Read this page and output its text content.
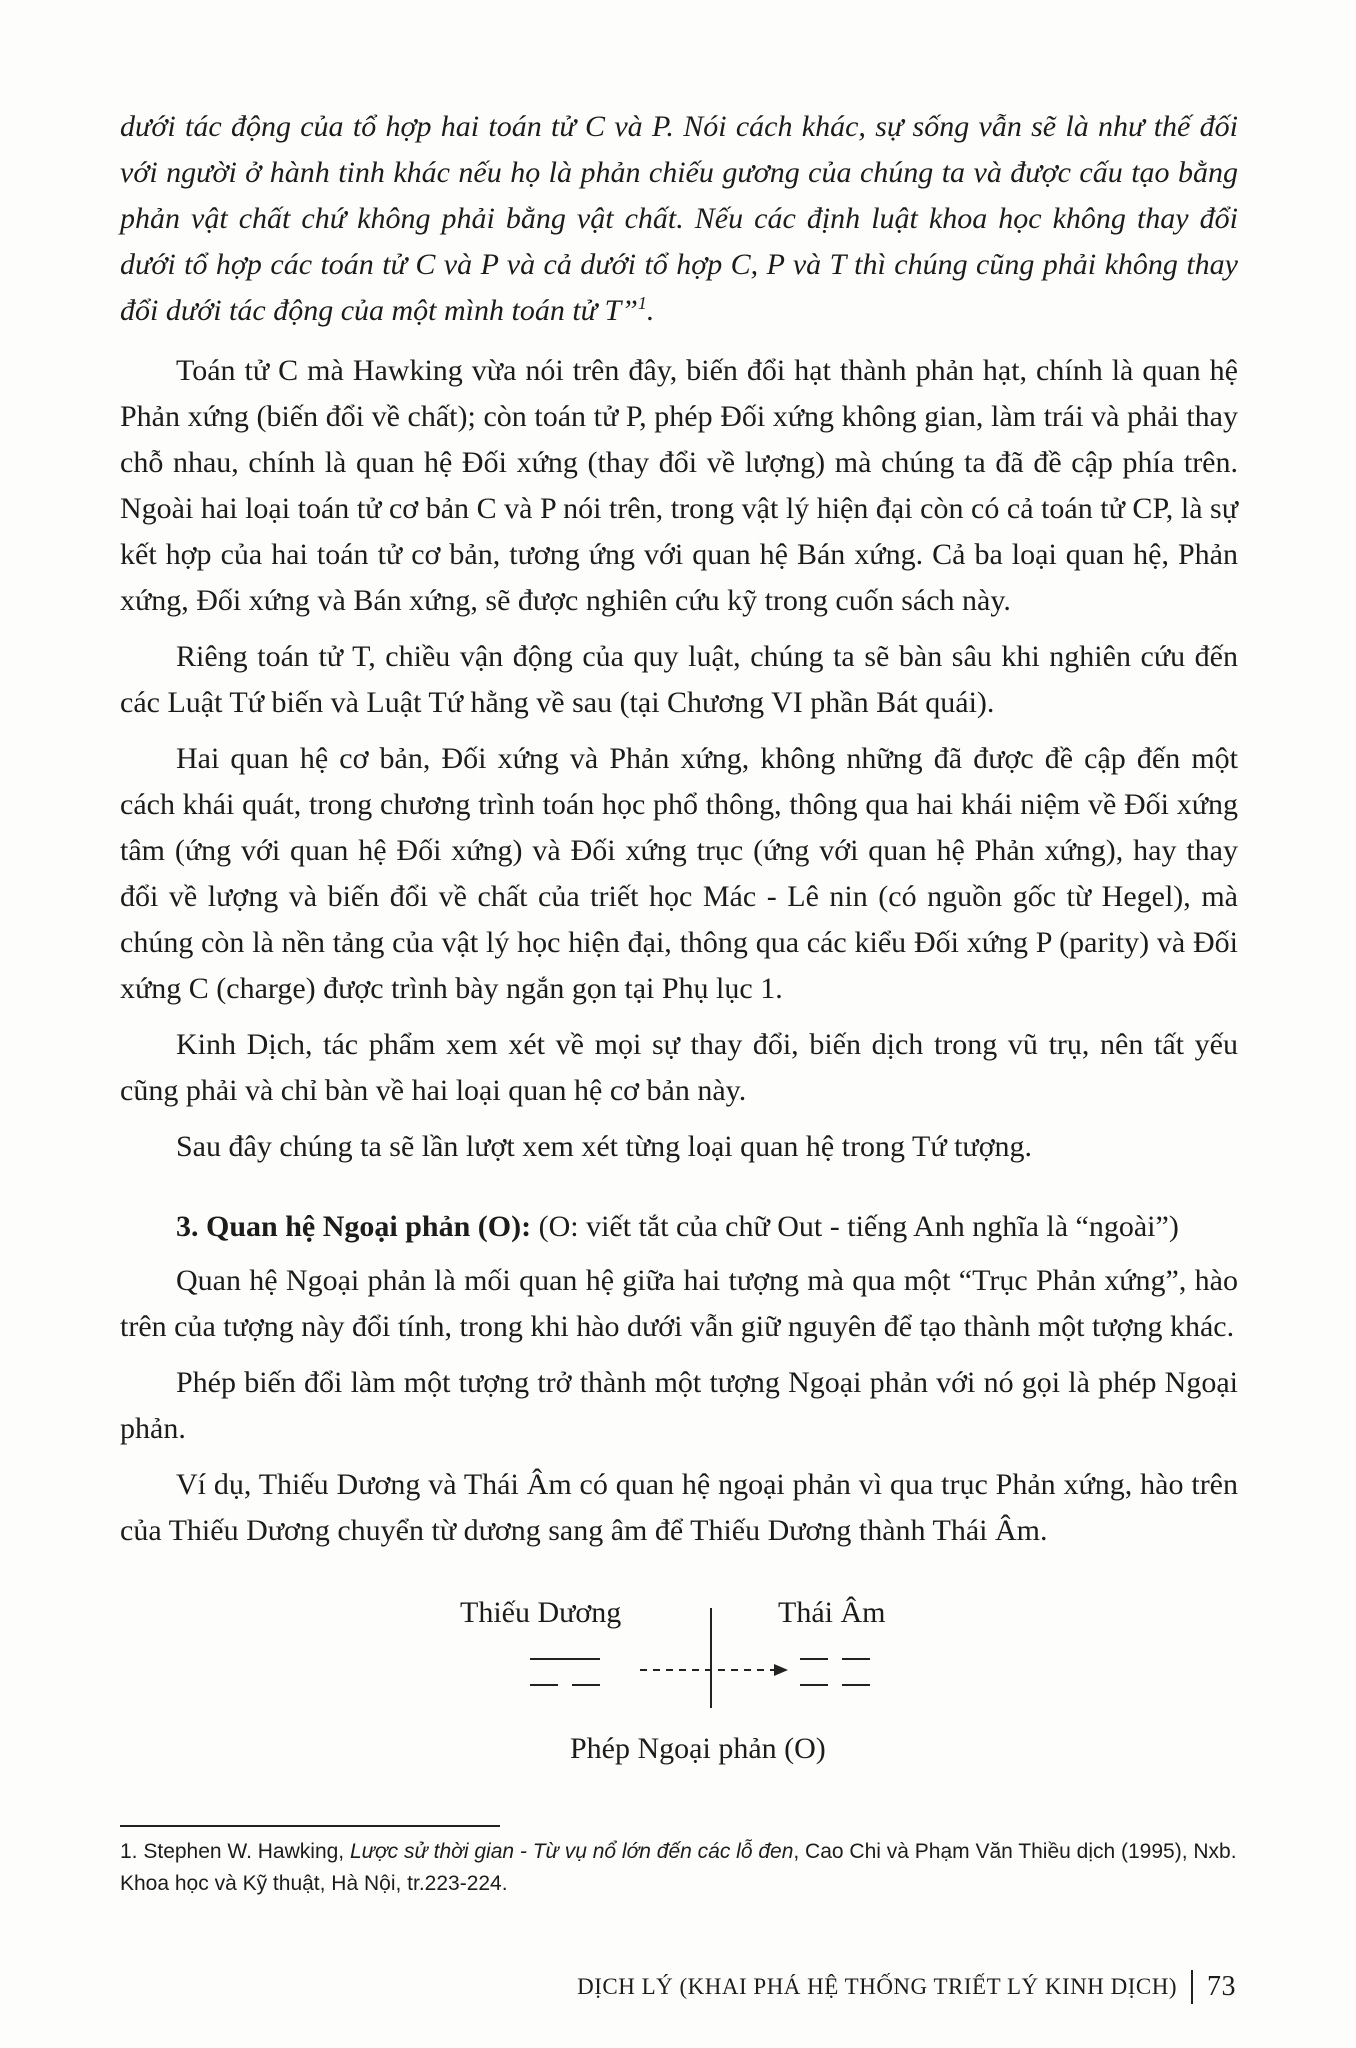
dưới tác động của tổ hợp hai toán tử C và P. Nói cách khác, sự sống vẫn sẽ là như thế đối với người ở hành tinh khác nếu họ là phản chiếu gương của chúng ta và được cấu tạo bằng phản vật chất chứ không phải bằng vật chất. Nếu các định luật khoa học không thay đổi dưới tổ hợp các toán tử C và P và cả dưới tổ hợp C, P và T thì chúng cũng phải không thay đổi dưới tác động của một mình toán tử T”$^1$.

Toán tử C mà Hawking vừa nói trên đây, biến đổi hạt thành phản hạt, chính là quan hệ Phản xứng (biến đổi về chất); còn toán tử P, phép Đối xứng không gian, làm trái và phải thay chỗ nhau, chính là quan hệ Đối xứng (thay đổi về lượng) mà chúng ta đã đề cập phía trên. Ngoài hai loại toán tử cơ bản C và P nói trên, trong vật lý hiện đại còn có cả toán tử CP, là sự kết hợp của hai toán tử cơ bản, tương ứng với quan hệ Bán xứng. Cả ba loại quan hệ, Phản xứng, Đối xứng và Bán xứng, sẽ được nghiên cứu kỹ trong cuốn sách này.

Riêng toán tử T, chiều vận động của quy luật, chúng ta sẽ bàn sâu khi nghiên cứu đến các Luật Tứ biến và Luật Tứ hằng về sau (tại Chương VI phần Bát quái).

Hai quan hệ cơ bản, Đối xứng và Phản xứng, không những đã được đề cập đến một cách khái quát, trong chương trình toán học phổ thông, thông qua hai khái niệm về Đối xứng tâm (ứng với quan hệ Đối xứng) và Đối xứng trục (ứng với quan hệ Phản xứng), hay thay đổi về lượng và biến đổi về chất của triết học Mác - Lê nin (có nguồn gốc từ Hegel), mà chúng còn là nền tảng của vật lý học hiện đại, thông qua các kiểu Đối xứng P (parity) và Đối xứng C (charge) được trình bày ngắn gọn tại Phụ lục 1.

Kinh Dịch, tác phẩm xem xét về mọi sự thay đổi, biến dịch trong vũ trụ, nên tất yếu cũng phải và chỉ bàn về hai loại quan hệ cơ bản này.

Sau đây chúng ta sẽ lần lượt xem xét từng loại quan hệ trong Tứ tượng.

3. Quan hệ Ngoại phản (O): (O: viết tắt của chữ Out - tiếng Anh nghĩa là “ngoài”)

Quan hệ Ngoại phản là mối quan hệ giữa hai tượng mà qua một “Trục Phản xứng”, hào trên của tượng này đổi tính, trong khi hào dưới vẫn giữ nguyên để tạo thành một tượng khác.

Phép biến đổi làm một tượng trở thành một tượng Ngoại phản với nó gọi là phép Ngoại phản.

Ví dụ, Thiếu Dương và Thái Âm có quan hệ ngoại phản vì qua trục Phản xứng, hào trên của Thiếu Dương chuyển từ dương sang âm để Thiếu Dương thành Thái Âm.

Thiếu Dương	Thái Âm
Phép Ngoại phản (O)
1. Stephen W. Hawking, Lược sử thời gian - Từ vụ nổ lớn đến các lỗ đen, Cao Chi và Phạm Văn Thiều dịch (1995), Nxb. Khoa học và Kỹ thuật, Hà Nội, tr.223-224.
DỊCH LÝ (KHAI PHÁ HỆ THỐNG TRIẾT LÝ KINH DỊCH) 73
